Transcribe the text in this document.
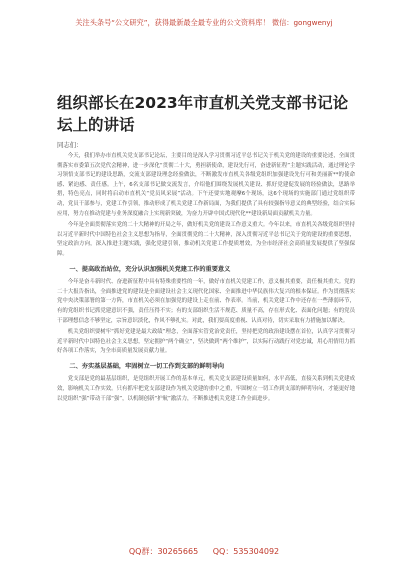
关注头条号“公文研究”，获得最新最全最专业的公文资料库！ 微信：gongwenyj
组织部长在2023年市直机关党支部书记论坛上的讲话
同志们：

今天，我们举办市直机关党支部书记论坛，主要目的是深入学习贯彻习近平总书记关于机关党的建设的重要论述，全面贯彻落实市委第五次党代会精神，进一步深化“贯彻二十大，勇担新使命，建设先行可，奋进新征程”主题实践活动，通过理论学习领悟支部书记的建设思路，交流支部建设理念经验做法，不断激发市直机关各级党组织加强建设先行可和美丽新**的使命感、紧迫感、责任感。上午，6名支部书记做交流发言，介绍他们围绕发展机关建设、抓好党建促发展的经验做法，思路举措，特色亮点，同时将启动市直机关“党员风采展”活动。下午还要实地观摩6个现场，这6个现场的实施部门通过党组织带动，党员干部参与，党建工作引领，推动形成了机关党建工作新局面，为我们提供了具有较强指导意义的典型经验，结合实际应用，努力在推动党建与业务深度融合上实现新突破，为奋力开辟中国式现代化**建设新局面贡献机关力量。

今年是全面贯彻落实党的二十大精神的开局之年，做好机关党的建设工作意义重大。今年以来，市直机关各级党组织坚持以习近平新时代中国特色社会主义思想为指导，全面贯彻党的二十大精神，深入贯彻习近平总书记关于党的建设的重要思想，坚定政治方向，深入推进主题实践，强化党建引领，推动机关党建工作提质增效，为全市经济社会高质量发展提供了坚强保障。

一、提高政治站位，充分认识加强机关党建工作的重要意义

今年是奋斗新时代、奋进新征程中具有特殊重要性的一年，做好市直机关党建工作，意义极其重要，责任极其重大。党的二十大报告指出，全面推进党的建设是全面建设社会主义现代化国家、全面推进中华民族伟大复兴的根本保证。作为贯彻落实党中央决策部署的第一方阵，市直机关必须在加强党的建设上走在前、作表率。当前，机关党建工作中还存在一些薄弱环节，有的党组织书记抓党建意识不强，责任压得不实；有的支部组织生活不规范、质量不高，存在形式化、表面化问题；有的党员干部理想信念不够坚定，宗旨意识淡化，作风不够扎实。对此，我们要高度重视、认真对待，切实采取有力措施加以解决。

机关党组织要树牢“抓好党建是最大政绩”理念，全面落实管党治党责任，坚持把党的政治建设摆在首位，认真学习贯彻习近平新时代中国特色社会主义思想，坚定拥护“两个确立”，坚决做到“两个维护”，以实际行动践行对党忠诚，用心用情用力抓好各项工作落实，为全市高质量发展贡献力量。

二、夯实基层基础，牢固树立一切工作到支部的鲜明导向

党支部是党的最基层组织，是党组织开展工作的基本单元，机关党支部建设质量如何，水平高低，直接关系到机关党建成效，影响机关工作实效。只有抓牢把党支部建设作为机关党建的重中之重，牢固树立一切工作到支部的鲜明导向，才能更好地以党组织“强”带动干部“强”，以机制创新“护航”激活力，不断推进机关党建工作全面进步。

QQ群：30265665 QQ：535304092
